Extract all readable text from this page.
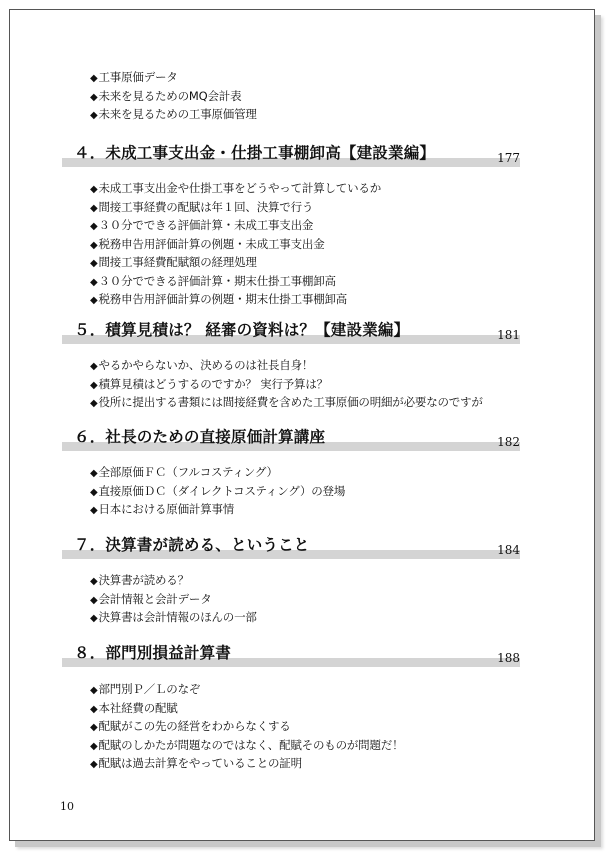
◆ 工事原価データ
◆ 未来を見るためのMQ会計表
◆ 未来を見るための工事原価管理
４．未成工事支出金・仕掛工事棚卸高【建設業編】	177
◆ 未成工事支出金や仕掛工事をどうやって計算しているか
◆ 間接工事経費の配賦は年１回、決算で行う
◆ ３０分でできる評価計算・未成工事支出金
◆ 税務申告用評価計算の例題・未成工事支出金
◆ 間接工事経費配賦額の経理処理
◆ ３０分でできる評価計算・期末仕掛工事棚卸高
◆ 税務申告用評価計算の例題・期末仕掛工事棚卸高
５．積算見積は？ 経審の資料は？【建設業編】	181
◆ やるかやらないか、決めるのは社長自身！
◆ 積算見積はどうするのですか？ 実行予算は？
◆ 役所に提出する書類には間接経費を含めた工事原価の明細が必要なのですが
６．社長のための直接原価計算講座	182
◆ 全部原価ＦＣ（フルコスティング）
◆ 直接原価ＤＣ（ダイレクトコスティング）の登場
◆ 日本における原価計算事情
７．決算書が読める、ということ	184
◆ 決算書が読める？
◆ 会計情報と会計データ
◆ 決算書は会計情報のほんの一部
８．部門別損益計算書	188
◆ 部門別Ｐ／Ｌのなぞ
◆ 本社経費の配賦
◆ 配賦がこの先の経営をわからなくする
◆ 配賦のしかたが問題なのではなく、配賦そのものが問題だ！
◆ 配賦は過去計算をやっていることの証明
10
